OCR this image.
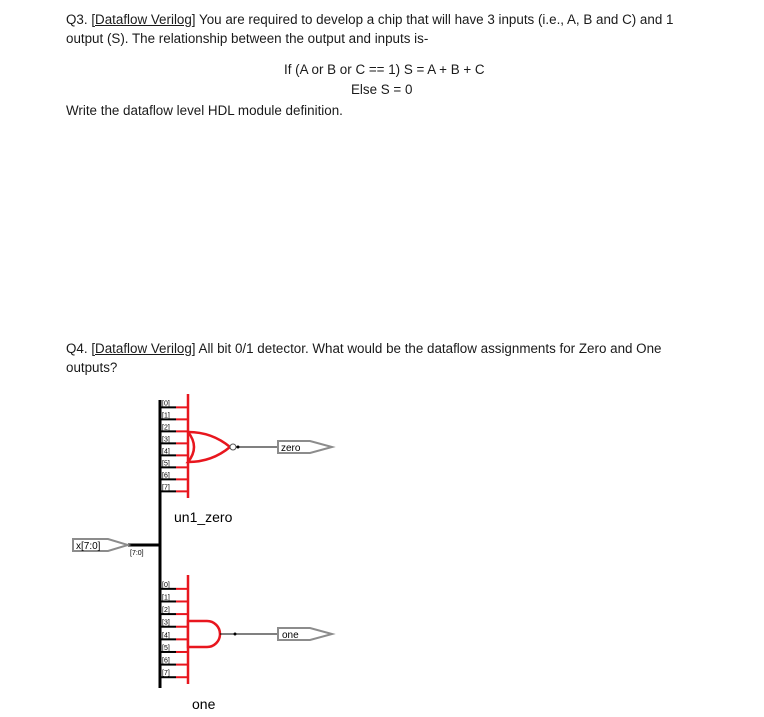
Q3. [Dataflow Verilog] You are required to develop a chip that will have 3 inputs (i.e., A, B and C) and 1

output (S). The relationship between the output and inputs is-

If (A or B or C == 1) S = A + B + C
Else S = 0

Write the dataflow level HDL module definition.

Q4. [Dataflow Verilog] All bit 0/1 detector. What would be the dataflow assignments for Zero and One

outputs?

x[7:0]
[7:0]
[0]
[1]
[2]
[3]
[4]
[5]
[6]
[7]
[0]
[1]
[2]
[3]
[4]
[5]
[6]
[7]
un1_zero
zero
one
one
